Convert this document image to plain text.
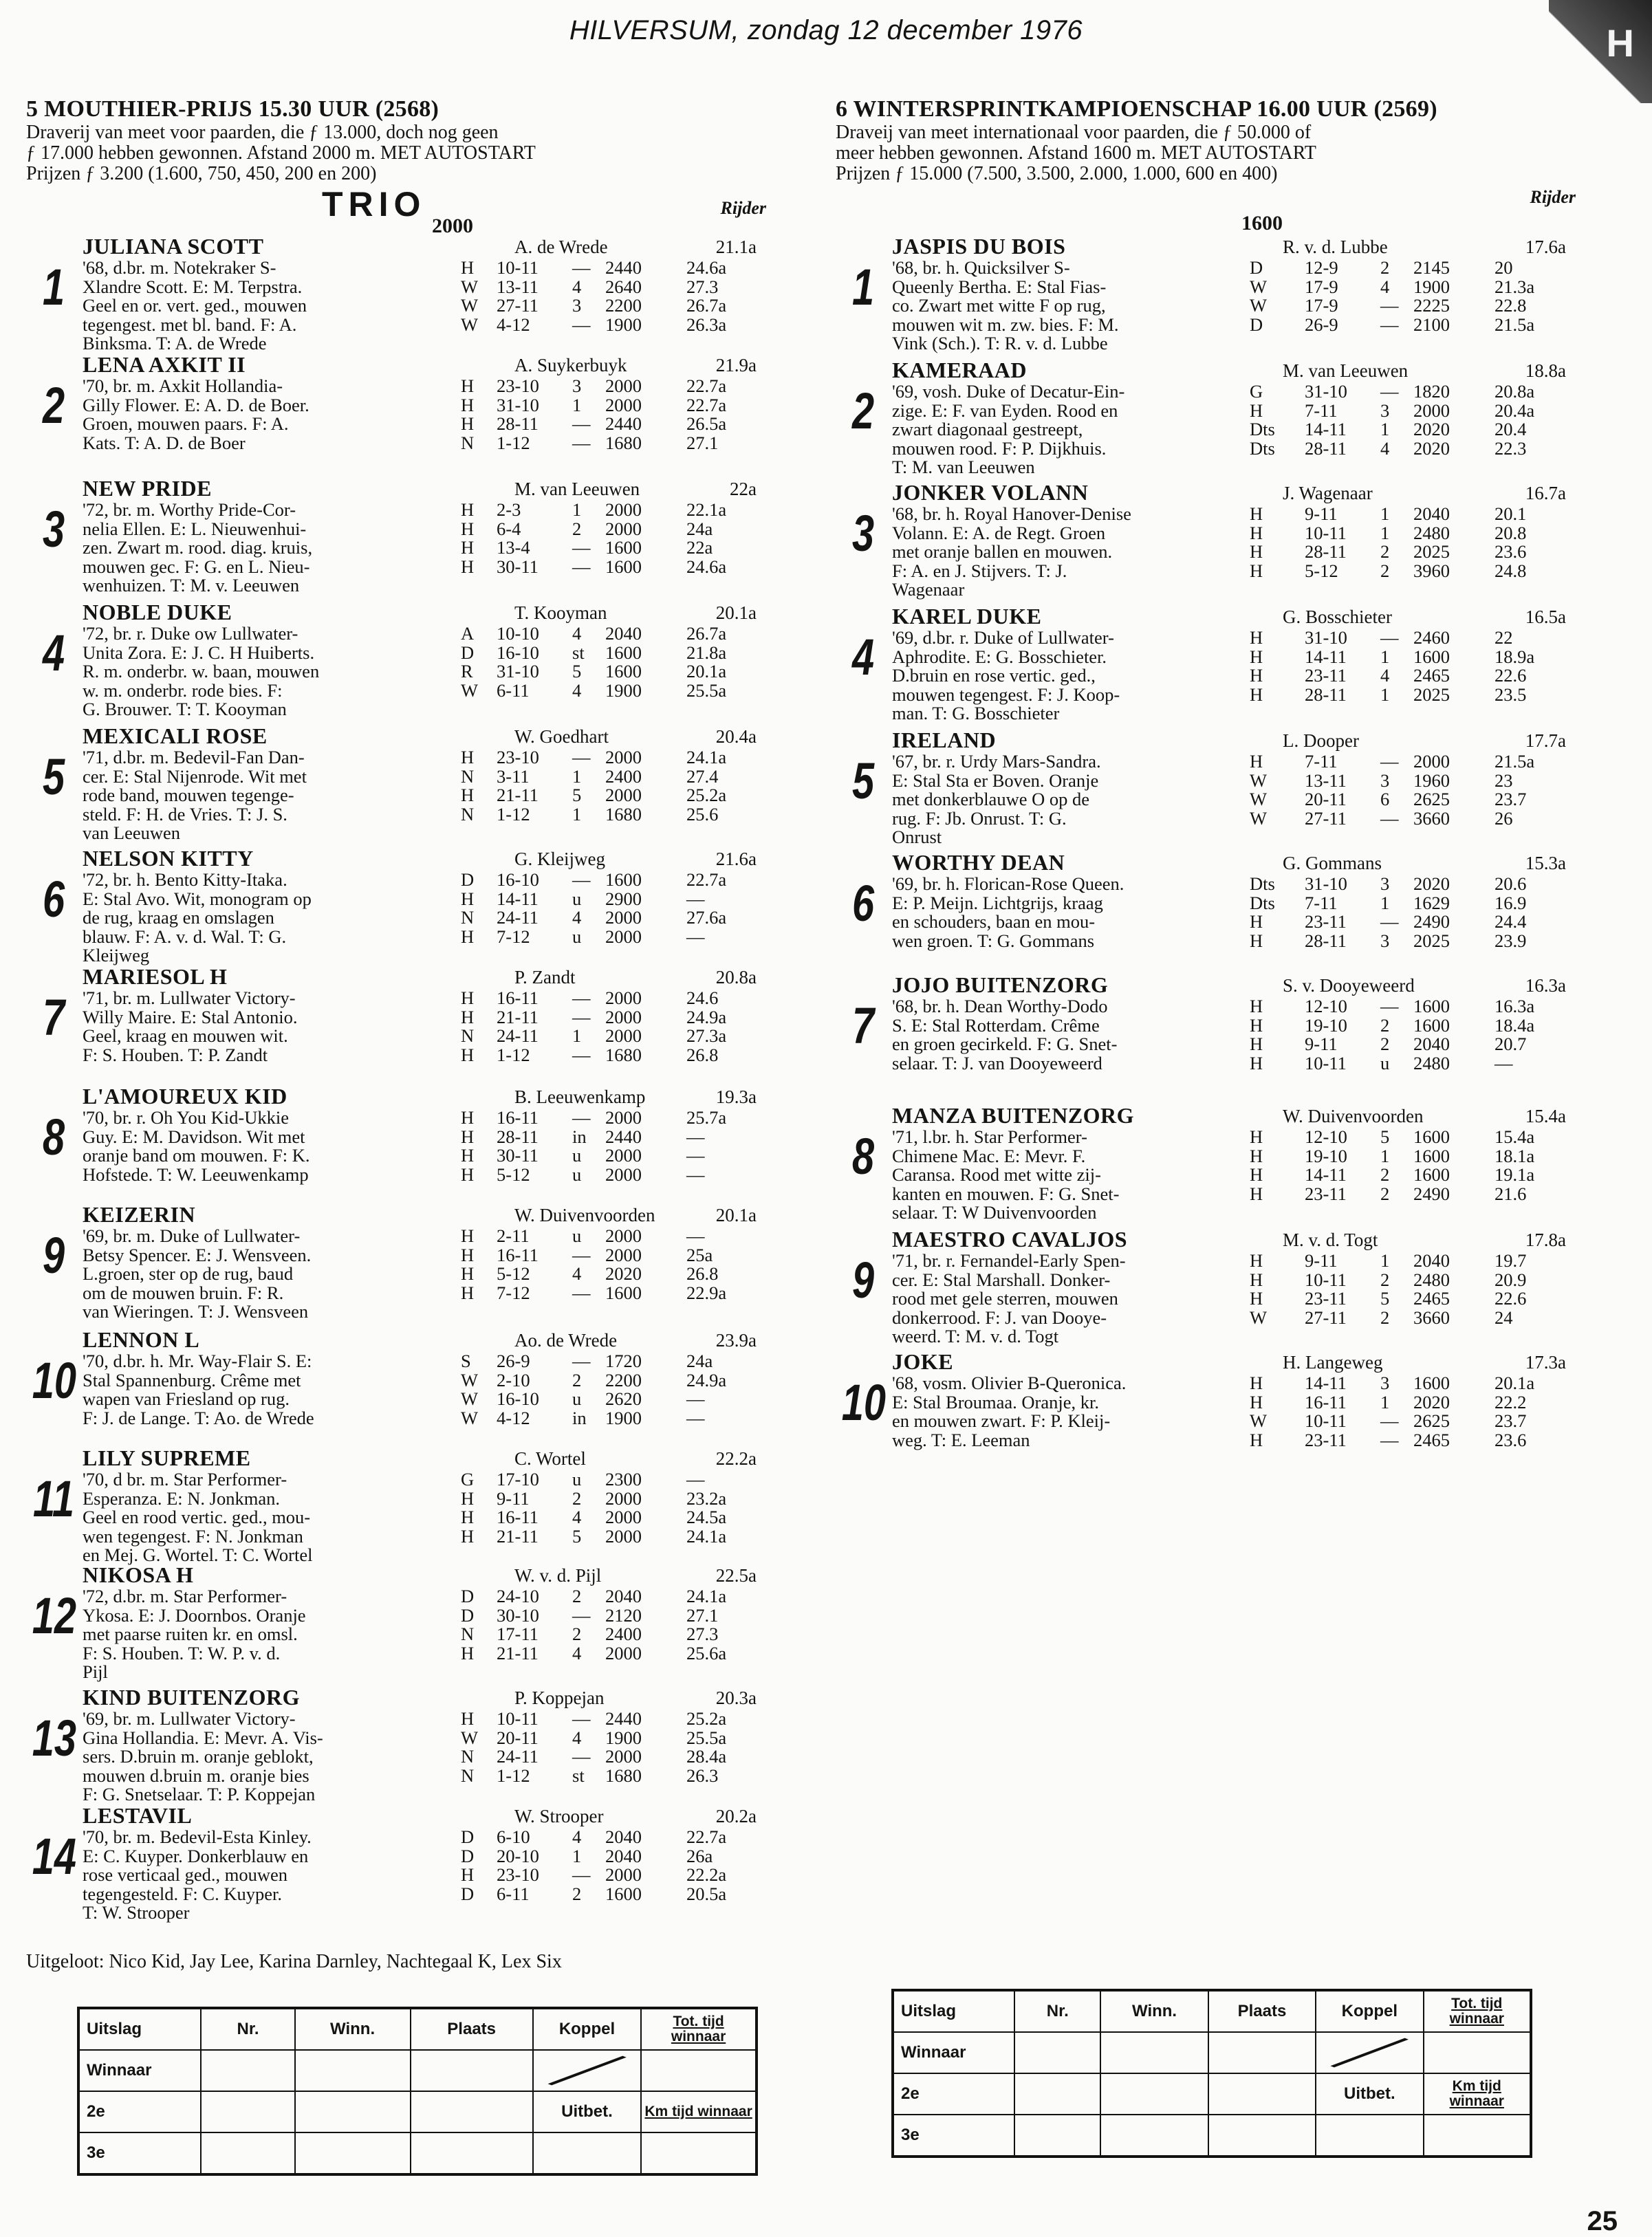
HILVERSUM, zondag 12 december 1976	H
5 MOUTHIER-PRIJS 15.30 UUR (2568)
Draverij van meet voor paarden, die ƒ 13.000, doch nog geen
ƒ 17.000 hebben gewonnen. Afstand 2000 m. MET AUTOSTART
Prijzen ƒ 3.200 (1.600, 750, 450, 200 en 200)
TRIO
2000
Rijder
1
JULIANA SCOTT	A. de Wrede	21.1a
'68, d.br. m. Notekraker S-
Xlandre Scott. E: M. Terpstra.
Geel en or. vert. ged., mouwen
tegengest. met bl. band. F: A.
Binksma. T: A. de Wrede
H	10-11	— 2440	24.6a
W	13-11	4	2640	27.3
W	27-11	3	2200	26.7a
W	4-12	— 1900	26.3a
2
LENA AXKIT II	A. Suykerbuyk	21.9a
'70, br. m. Axkit Hollandia-
Gilly Flower. E: A. D. de Boer.
Groen, mouwen paars. F: A.
Kats. T: A. D. de Boer
H	23-10	3	2000	22.7a
H	31-10	1	2000	22.7a
H	28-11	— 2440	26.5a
N	1-12	— 1680	27.1
3
NEW PRIDE	M. van Leeuwen	22a
'72, br. m. Worthy Pride-Cor-
nelia Ellen. E: L. Nieuwenhui-
zen. Zwart m. rood. diag. kruis,
mouwen gec. F: G. en L. Nieu-
wenhuizen. T: M. v. Leeuwen
H	2-3	1	2000	22.1a
H	6-4	2	2000	24a
H	13-4	— 1600	22a
H	30-11	— 1600	24.6a
4
NOBLE DUKE	T. Kooyman	20.1a
'72, br. r. Duke ow Lullwater-
Unita Zora. E: J. C. H Huiberts.
R. m. onderbr. w. baan, mouwen
w. m. onderbr. rode bies. F:
G. Brouwer. T: T. Kooyman
A	10-10	4	2040	26.7a
D	16-10	st	1600	21.8a
R	31-10	5	1600	20.1a
W	6-11	4	1900	25.5a
5
MEXICALI ROSE	W. Goedhart	20.4a
'71, d.br. m. Bedevil-Fan Dan-
cer. E: Stal Nijenrode. Wit met
rode band, mouwen tegenge-
steld. F: H. de Vries. T: J. S.
van Leeuwen
H	23-10	— 2000	24.1a
N	3-11	1	2400	27.4
H	21-11	5	2000	25.2a
N	1-12	1	1680	25.6
6
NELSON KITTY	G. Kleijweg	21.6a
'72, br. h. Bento Kitty-Itaka.
E: Stal Avo. Wit, monogram op
de rug, kraag en omslagen
blauw. F: A. v. d. Wal. T: G.
Kleijweg
D	16-10	— 1600	22.7a
H	14-11	u	2900	—
N	24-11	4	2000	27.6a
H	7-12	u	2000	—
7
MARIESOL H	P. Zandt	20.8a
'71, br. m. Lullwater Victory-
Willy Maire. E: Stal Antonio.
Geel, kraag en mouwen wit.
F: S. Houben. T: P. Zandt
H	16-11	— 2000	24.6
H	21-11	— 2000	24.9a
N	24-11	1	2000	27.3a
H	1-12	— 1680	26.8
8
L'AMOUREUX KID	B. Leeuwenkamp	19.3a
'70, br. r. Oh You Kid-Ukkie
Guy. E: M. Davidson. Wit met
oranje band om mouwen. F: K.
Hofstede. T: W. Leeuwenkamp
H	16-11	— 2000	25.7a
H	28-11	in	2440	—
H	30-11	u	2000	—
H	5-12	u	2000	—
9
KEIZERIN	W. Duivenvoorden	20.1a
'69, br. m. Duke of Lullwater-
Betsy Spencer. E: J. Wensveen.
L.groen, ster op de rug, baud
om de mouwen bruin. F: R.
van Wieringen. T: J. Wensveen
H	2-11	u	2000	—
H	16-11	— 2000	25a
H	5-12	4	2020	26.8
H	7-12	— 1600	22.9a
10
LENNON L	Ao. de Wrede	23.9a
'70, d.br. h. Mr. Way-Flair S. E:
Stal Spannenburg. Crême met
wapen van Friesland op rug.
F: J. de Lange. T: Ao. de Wrede
S	26-9	— 1720	24a
W	2-10	2	2200	24.9a
W	16-10	u	2620	—
W	4-12	in	1900	—
11
LILY SUPREME	C. Wortel	22.2a
'70, d br. m. Star Performer-
Esperanza. E: N. Jonkman.
Geel en rood vertic. ged., mou-
wen tegengest. F: N. Jonkman
en Mej. G. Wortel. T: C. Wortel
G	17-10	u	2300	—
H	9-11	2	2000	23.2a
H	16-11	4	2000	24.5a
H	21-11	5	2000	24.1a
12
NIKOSA H	W. v. d. Pijl	22.5a
'72, d.br. m. Star Performer-
Ykosa. E: J. Doornbos. Oranje
met paarse ruiten kr. en omsl.
F: S. Houben. T: W. P. v. d.
Pijl
D	24-10	2	2040	24.1a
D	30-10	— 2120	27.1
N	17-11	2	2400	27.3
H	21-11	4	2000	25.6a
13
KIND BUITENZORG	P. Koppejan	20.3a
'69, br. m. Lullwater Victory-
Gina Hollandia. E: Mevr. A. Vis-
sers. D.bruin m. oranje geblokt,
mouwen d.bruin m. oranje bies
F: G. Snetselaar. T: P. Koppejan
H	10-11	— 2440	25.2a
W	20-11	4	1900	25.5a
N	24-11	— 2000	28.4a
N	1-12	st	1680	26.3
14
LESTAVIL	W. Strooper	20.2a
'70, br. m. Bedevil-Esta Kinley.
E: C. Kuyper. Donkerblauw en
rose verticaal ged., mouwen
tegengesteld. F: C. Kuyper.
T: W. Strooper
D	6-10	4	2040	22.7a
D	20-10	1	2040	26a
H	23-10	— 2000	22.2a
D	6-11	2	1600	20.5a
6 WINTERSPRINTKAMPIOENSCHAP 16.00 UUR (2569)
Draveij van meet internationaal voor paarden, die ƒ 50.000 of
meer hebben gewonnen. Afstand 1600 m. MET AUTOSTART
Prijzen ƒ 15.000 (7.500, 3.500, 2.000, 1.000, 600 en 400)
1600
Rijder
1
JASPIS DU BOIS	R. v. d. Lubbe	17.6a
'68, br. h. Quicksilver S-
Queenly Bertha. E: Stal Fias-
co. Zwart met witte F op rug,
mouwen wit m. zw. bies. F: M.
Vink (Sch.). T: R. v. d. Lubbe
D	12-9	2	2145	20
W	17-9	4	1900	21.3a
W	17-9	— 2225	22.8
D	26-9	— 2100	21.5a
2
KAMERAAD	M. van Leeuwen	18.8a
'69, vosh. Duke of Decatur-Ein-
zige. E: F. van Eyden. Rood en
zwart diagonaal gestreept,
mouwen rood. F: P. Dijkhuis.
T: M. van Leeuwen
G	31-10	— 1820	20.8a
H	7-11	3	2000	20.4a
Dts	14-11	1	2020	20.4
Dts	28-11	4	2020	22.3
3
JONKER VOLANN	J. Wagenaar	16.7a
'68, br. h. Royal Hanover-Denise
Volann. E: A. de Regt. Groen
met oranje ballen en mouwen.
F: A. en J. Stijvers. T: J.
Wagenaar
H	9-11	1	2040	20.1
H	10-11	1	2480	20.8
H	28-11	2	2025	23.6
H	5-12	2	3960	24.8
4
KAREL DUKE	G. Bosschieter	16.5a
'69, d.br. r. Duke of Lullwater-
Aphrodite. E: G. Bosschieter.
D.bruin en rose vertic. ged.,
mouwen tegengest. F: J. Koop-
man. T: G. Bosschieter
H	31-10	— 2460	22
H	14-11	1	1600	18.9a
H	23-11	4	2465	22.6
H	28-11	1	2025	23.5
5
IRELAND	L. Dooper	17.7a
'67, br. r. Urdy Mars-Sandra.
E: Stal Sta er Boven. Oranje
met donkerblauwe O op de
rug. F: Jb. Onrust. T: G.
Onrust
H	7-11	— 2000	21.5a
W	13-11	3	1960	23
W	20-11	6	2625	23.7
W	27-11	— 3660	26
6
WORTHY DEAN	G. Gommans	15.3a
'69, br. h. Florican-Rose Queen.
E: P. Meijn. Lichtgrijs, kraag
en schouders, baan en mou-
wen groen. T: G. Gommans
Dts	31-10	3	2020	20.6
Dts	7-11	1	1629	16.9
H	23-11	— 2490	24.4
H	28-11	3	2025	23.9
7
JOJO BUITENZORG	S. v. Dooyeweerd	16.3a
'68, br. h. Dean Worthy-Dodo
S. E: Stal Rotterdam. Crême
en groen gecirkeld. F: G. Snet-
selaar. T: J. van Dooyeweerd
H	12-10	— 1600	16.3a
H	19-10	2	1600	18.4a
H	9-11	2	2040	20.7
H	10-11	u	2480	—
8
MANZA BUITENZORG	W. Duivenvoorden	15.4a
'71, l.br. h. Star Performer-
Chimene Mac. E: Mevr. F.
Caransa. Rood met witte zij-
kanten en mouwen. F: G. Snet-
selaar. T: W Duivenvoorden
H	12-10	5	1600	15.4a
H	19-10	1	1600	18.1a
H	14-11	2	1600	19.1a
H	23-11	2	2490	21.6
9
MAESTRO CAVALJOS	M. v. d. Togt	17.8a
'71, br. r. Fernandel-Early Spen-
cer. E: Stal Marshall. Donker-
rood met gele sterren, mouwen
donkerrood. F: J. van Dooye-
weerd. T: M. v. d. Togt
H	9-11	1	2040	19.7
H	10-11	2	2480	20.9
H	23-11	5	2465	22.6
W	27-11	2	3660	24
10
JOKE	H. Langeweg	17.3a
'68, vosm. Olivier B-Queronica.
E: Stal Broumaa. Oranje, kr.
en mouwen zwart. F: P. Kleij-
weg. T: E. Leeman
H	14-11	3	1600	20.1a
H	16-11	1	2020	22.2
W	10-11	— 2625	23.7
H	23-11	— 2465	23.6
Uitgeloot: Nico Kid, Jay Lee, Karina Darnley, Nachtegaal K, Lex Six
Uitslag	Nr.	Winn.	Plaats	Koppel	Tot. tijd winnaar
Winnaar				

2e				Uitbet.	Km tijd winnaar
3e					
Uitslag	Nr.	Winn.	Plaats	Koppel	Tot. tijd winnaar
Winnaar				

2e				Uitbet.	Km tijd winnaar
3e					
25
